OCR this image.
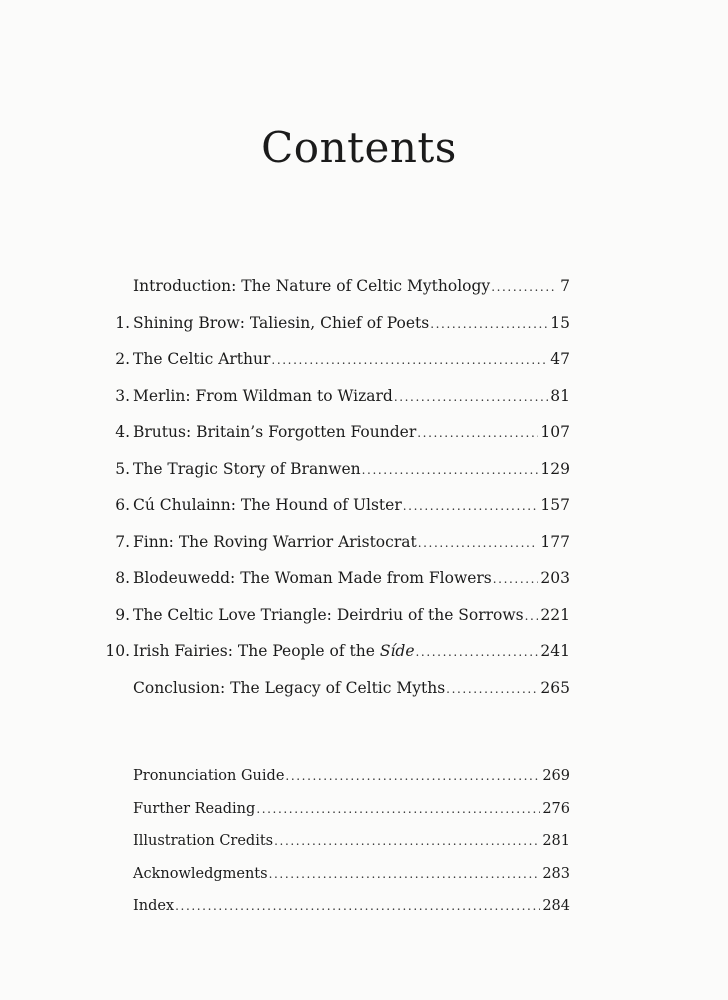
Contents
Introduction: The Nature of Celtic Mythology .....	7
1. Shining Brow: Taliesin, Chief of Poets .....	15
2. The Celtic Arthur .....	47
3. Merlin: From Wildman to Wizard .....	81
4. Brutus: Britain’s Forgotten Founder .....	107
5. The Tragic Story of Branwen .....	129
6. Cú Chulainn: The Hound of Ulster .....	157
7. Finn: The Roving Warrior Aristocrat .....	177
8. Blodeuwedd: The Woman Made from Flowers .....	203
9. The Celtic Love Triangle: Deirdriu of the Sorrows ..... 221
10. Irish Fairies: The People of the Síde .....	241
Conclusion: The Legacy of Celtic Myths .....	265
Pronunciation Guide .....	269
Further Reading .....	276
Illustration Credits .....	281
Acknowledgments .....	283
Index .....	284
